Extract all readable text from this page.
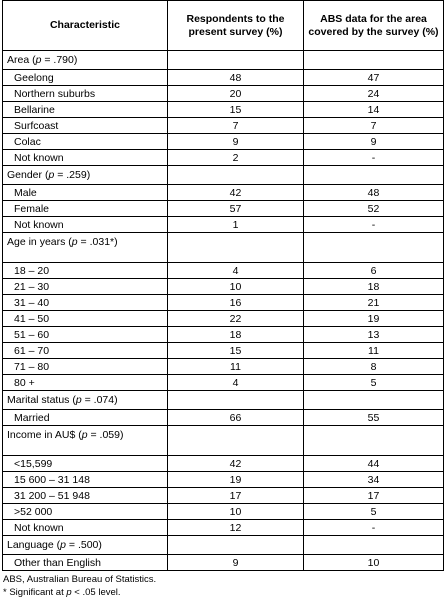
Characteristic	Respondents to the present survey (%)	ABS data for the area covered by the survey (%)
Area (p = .790)		
Geelong	48	47
Northern suburbs	20	24
Bellarine	15	14
Surfcoast	7	7
Colac	9	9
Not known	2	-
Gender (p = .259)		
Male	42	48
Female	57	52
Not known	1	-
Age in years (p = .031*)		
18 – 20	4	6
21 – 30	10	18
31 – 40	16	21
41 – 50	22	19
51 – 60	18	13
61 – 70	15	11
71 – 80	11	8
80 +	4	5
Marital status (p = .074)		
Married	66	55
Income in AU$ (p = .059)		
<15,599	42	44
15 600 – 31 148	19	34
31 200 – 51 948	17	17
>52 000	10	5
Not known	12	-
Language (p = .500)		
Other than English	9	10
ABS, Australian Bureau of Statistics.
* Significant at p < .05 level.
